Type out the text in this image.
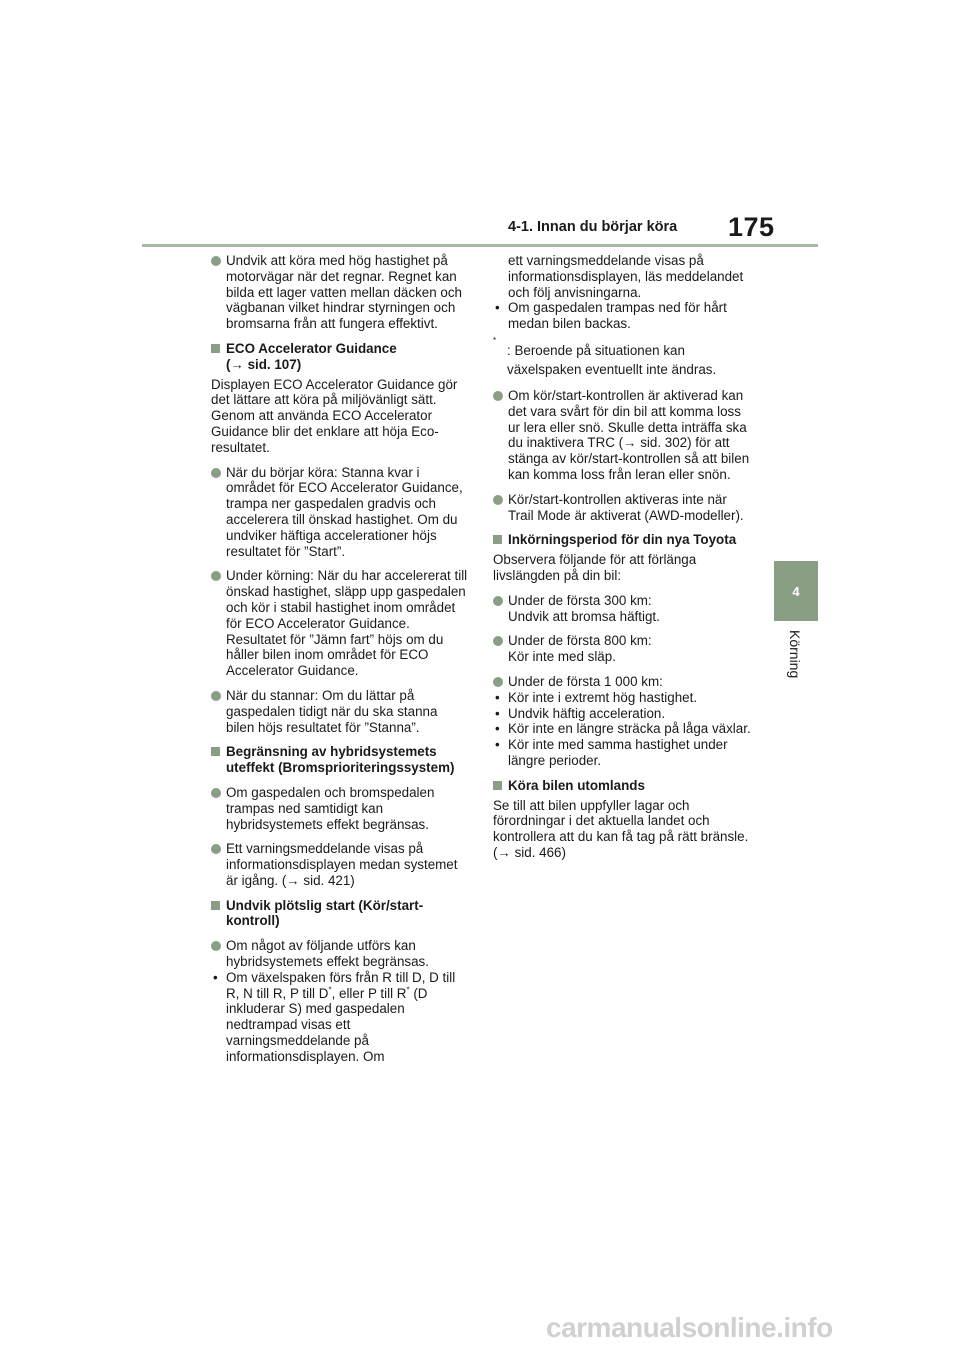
175
4-1. Innan du börjar köra
4
Körning
Undvik att köra med hög hastighet på motorvägar när det regnar. Regnet kan bilda ett lager vatten mellan däcken och vägbanan vilket hindrar styrningen och bromsarna från att fungera effektivt.
ECO Accelerator Guidance
(→ sid. 107)
Displayen ECO Accelerator Guidance gör det lättare att köra på miljövänligt sätt. Genom att använda ECO Accelerator Guidance blir det enklare att höja Eco-resultatet.
När du börjar köra: Stanna kvar i området för ECO Accelerator Guidance, trampa ner gaspedalen gradvis och accelerera till önskad hastighet. Om du undviker häftiga accelerationer höjs resultatet för ”Start”.
Under körning: När du har accelererat till önskad hastighet, släpp upp gaspedalen och kör i stabil hastighet inom området för ECO Accelerator Guidance. Resultatet för ”Jämn fart” höjs om du håller bilen inom området för ECO Accelerator Guidance.
När du stannar: Om du lättar på gaspedalen tidigt när du ska stanna bilen höjs resultatet för ”Stanna”.
Begränsning av hybridsystemets uteffekt (Bromsprioriteringssystem)
Om gaspedalen och bromspedalen trampas ned samtidigt kan hybridsystemets effekt begränsas.
Ett varningsmeddelande visas på informationsdisplayen medan systemet är igång. (→ sid. 421)
Undvik plötslig start (Kör/start-kontroll)
Om något av följande utförs kan hybridsystemets effekt begränsas.
• Om växelspaken förs från R till D, D till R, N till R, P till D*, eller P till R* (D inkluderar S) med gaspedalen nedtrampad visas ett varningsmeddelande på informationsdisplayen. Om
ett varningsmeddelande visas på informationsdisplayen, läs meddelandet och följ anvisningarna.
• Om gaspedalen trampas ned för hårt medan bilen backas.
*
: Beroende på situationen kan växelspaken eventuellt inte ändras.
Om kör/start-kontrollen är aktiverad kan det vara svårt för din bil att komma loss ur lera eller snö. Skulle detta inträffa ska du inaktivera TRC (→ sid. 302) för att stänga av kör/start-kontrollen så att bilen kan komma loss från leran eller snön.
Kör/start-kontrollen aktiveras inte när Trail Mode är aktiverat (AWD-modeller).
Inkörningsperiod för din nya Toyota
Observera följande för att förlänga livslängden på din bil:
Under de första 300 km:
Undvik att bromsa häftigt.
Under de första 800 km:
Kör inte med släp.
Under de första 1 000 km:
• Kör inte i extremt hög hastighet.
• Undvik häftig acceleration.
• Kör inte en längre sträcka på låga växlar.
• Kör inte med samma hastighet under längre perioder.
Köra bilen utomlands
Se till att bilen uppfyller lagar och förordningar i det aktuella landet och kontrollera att du kan få tag på rätt bränsle. (→ sid. 466)
carmanualsonline.info
